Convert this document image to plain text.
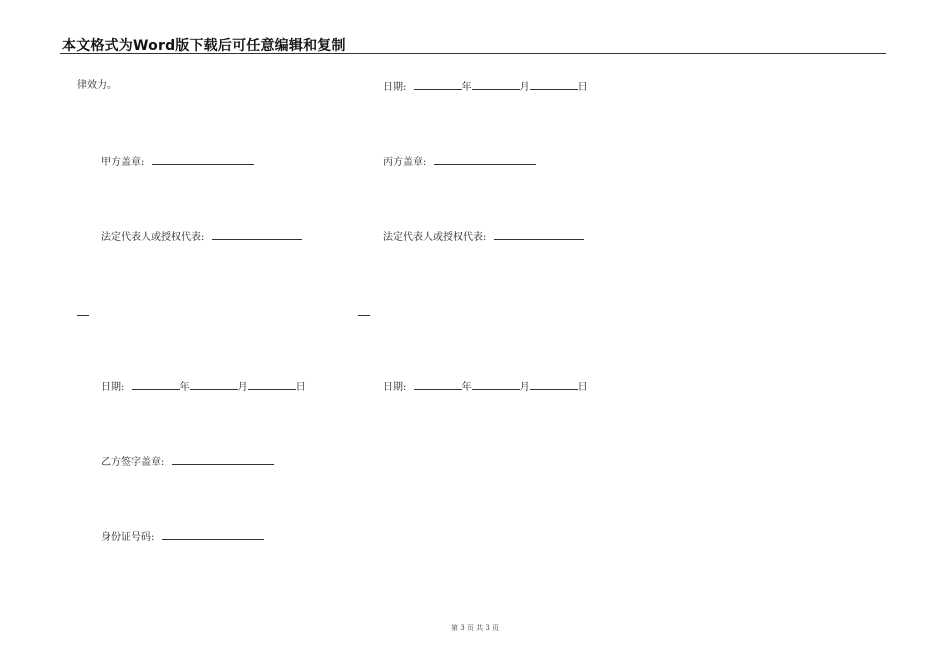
本文格式为Word版下载后可任意编辑和复制
律效力。	日期:	年	月	日
甲方盖章:	丙方盖章:
法定代表人或授权代表:	法定代表人或授权代表:
日期:	年	月	日	日期:	年	月	日
乙方签字盖章:
身份证号码:
第 3 页 共 3 页
